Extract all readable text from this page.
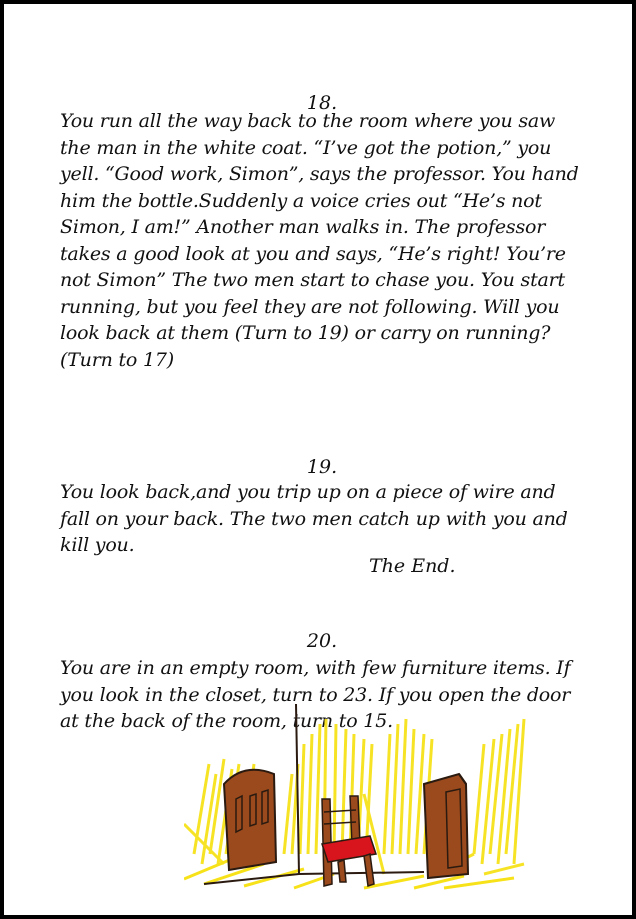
18.

You run all the way back to the room where you saw the man in the white coat. “I’ve got the potion,” you yell. “Good work, Simon”, says the professor. You hand him the bottle.Suddenly a voice cries out “He’s not Simon, I am!” Another man walks in. The professor takes a good look at you and says, “He’s right! You’re not Simon” The two men start to chase you. You start running, but you feel they are not following. Will you look back at them (Turn to 19) or carry on running? (Turn to 17)

19.

You look back,and you trip up on a piece of wire and fall on your back. The two men catch up with you and kill you.

The End.
20.

You are in an empty room, with few furniture items. If you look in the closet, turn to 23. If you open the door at the back of the room, turn to 15.
